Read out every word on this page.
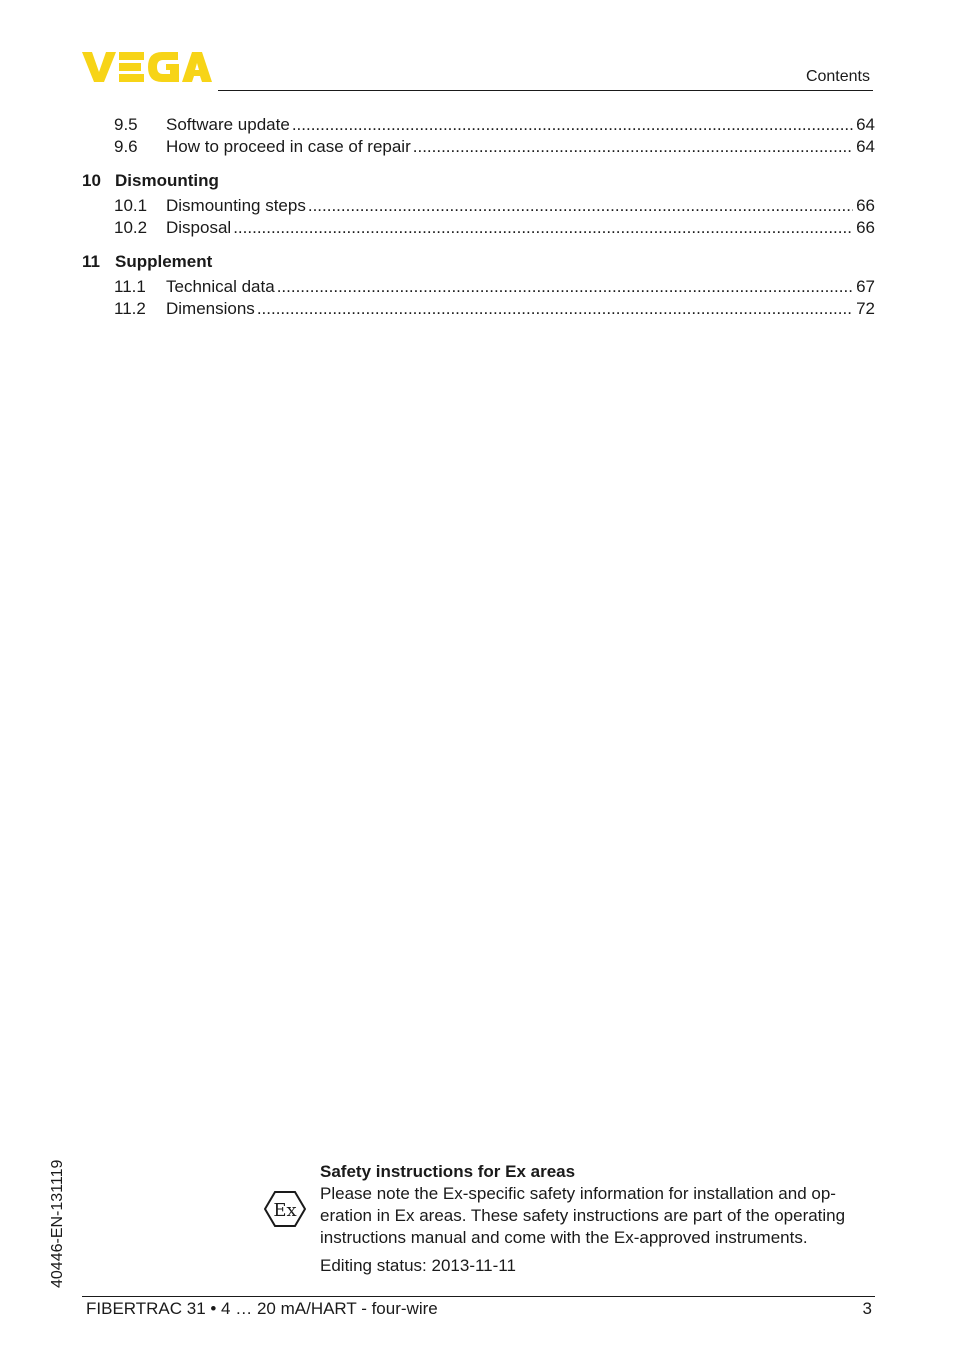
Contents
9.5	Software update .....	64
9.6	How to proceed in case of repair .....	64
10 Dismounting
10.1	Dismounting steps .....	66
10.2	Disposal .....	66
11 Supplement
11.1	Technical data .....	67
11.2	Dimensions .....	72
40446-EN-131119	Ex
Safety instructions for Ex areas
Please note the Ex-specific safety information for installation and op-
eration in Ex areas. These safety instructions are part of the operating
instructions manual and come with the Ex-approved instruments.
Editing status: 2013-11-11
FIBERTRAC 31 • 4 … 20 mA/HART - four-wire	3
